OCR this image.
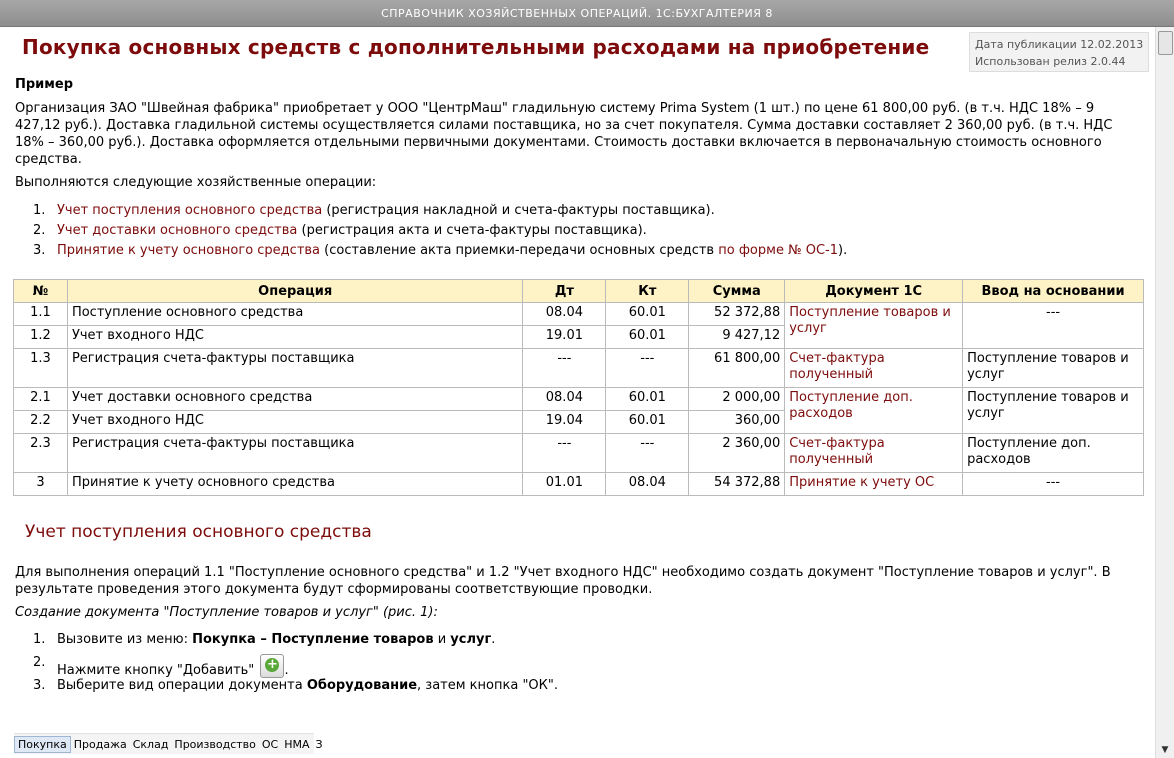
СПРАВОЧНИК ХОЗЯЙСТВЕННЫХ ОПЕРАЦИЙ. 1С:БУХГАЛТЕРИЯ 8
Покупка основных средств с дополнительными расходами на приобретение	Дата публикации 12.02.2013
Использован релиз 2.0.44
Пример
Организация ЗАО "Швейная фабрика" приобретает у ООО "ЦентрМаш" гладильную систему Prima System (1 шт.) по цене 61 800,00 руб. (в т.ч. НДС 18% – 9 427,12 руб.). Доставка гладильной системы осуществляется силами поставщика, но за счет покупателя. Сумма доставки составляет 2 360,00 руб. (в т.ч. НДС 18% – 360,00 руб.). Доставка оформляется отдельными первичными документами. Стоимость доставки включается в первоначальную стоимость основного средства.
Выполняются следующие хозяйственные операции:
1. Учет поступления основного средства (регистрация накладной и счета-фактуры поставщика).
2. Учет доставки основного средства (регистрация акта и счета-фактуры поставщика).
3. Принятие к учету основного средства (составление акта приемки-передачи основных средств по форме № ОС-1).
№	Операция	Дт	Кт	Сумма	Документ 1С	Ввод на основании
1.1	Поступление основного средства	08.04	60.01	52 372,88	Поступление товаров и услуг	---
1.2	Учет входного НДС	19.01	60.01	9 427,12		
1.3	Регистрация счета-фактуры поставщика	---	---	61 800,00	Счет-фактура полученный	Поступление товаров и услуг
2.1	Учет доставки основного средства	08.04	60.01	2 000,00	Поступление доп. расходов	Поступление товаров и услуг
2.2	Учет входного НДС	19.04	60.01	360,00		
2.3	Регистрация счета-фактуры поставщика	---	---	2 360,00	Счет-фактура полученный	Поступление доп. расходов
3	Принятие к учету основного средства	01.01	08.04	54 372,88	Принятие к учету ОС	---
Учет поступления основного средства
Для выполнения операций 1.1 "Поступление основного средства" и 1.2 "Учет входного НДС" необходимо создать документ "Поступление товаров и услуг". В результате проведения этого документа будут сформированы соответствующие проводки.
Создание документа "Поступление товаров и услуг" (рис. 1):
1. Вызовите из меню: Покупка – Поступление товаров и услуг.
2.
Нажмите кнопку "Добавить" +.
3. Выберите вид операции документа Оборудование, затем кнопка "ОК".
Покупка Продажа Склад Производство ОС НМА З	▼
